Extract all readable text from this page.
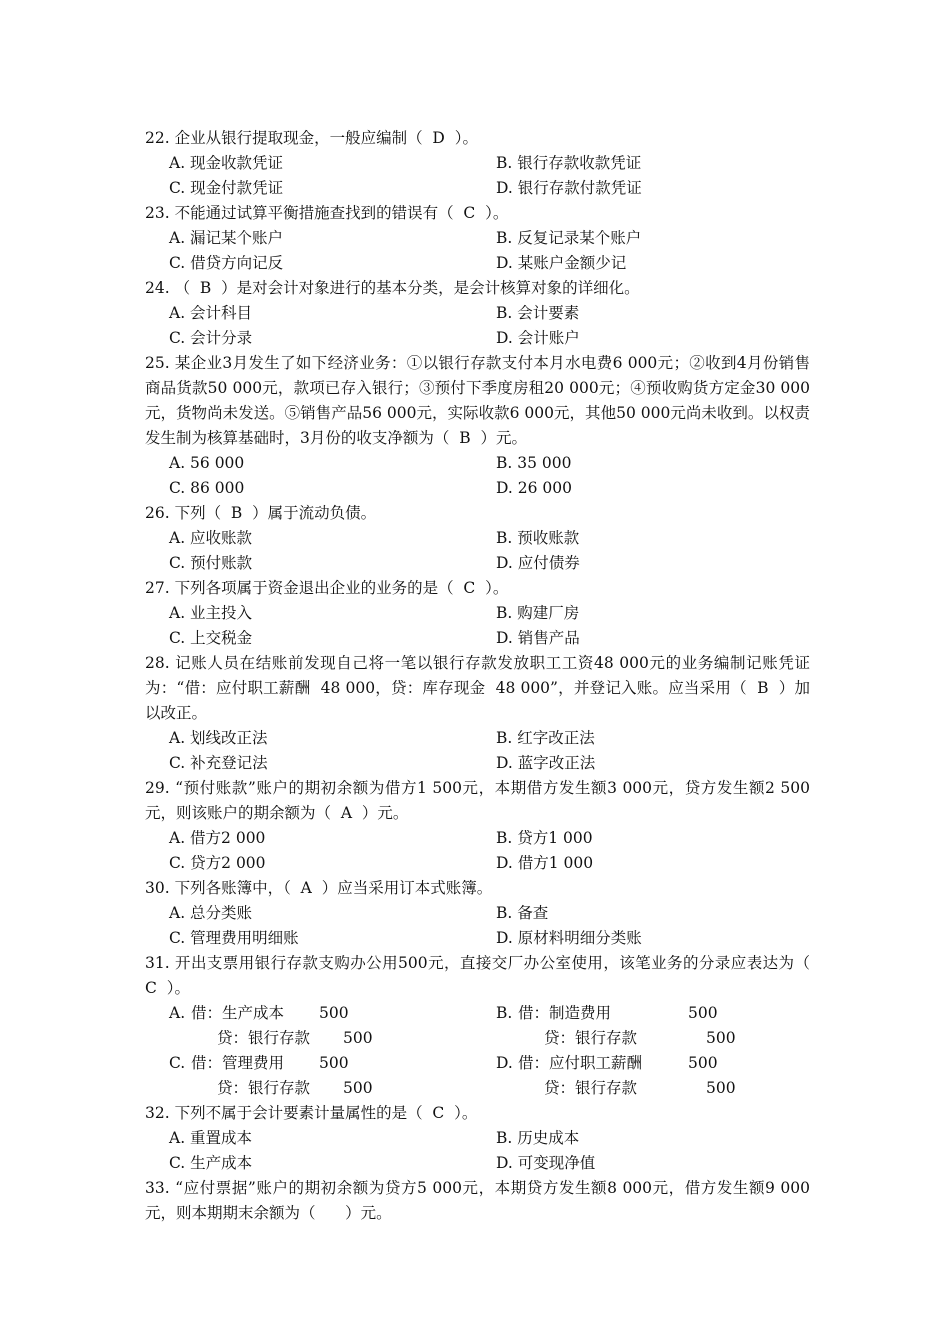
22. 企业从银行提取现金，一般应编制（  D  ）。

A. 现金收款凭证	B. 银行存款收款凭证
C. 现金付款凭证	D. 银行存款付款凭证

23. 不能通过试算平衡措施查找到的错误有（  C  ）。

A. 漏记某个账户	B. 反复记录某个账户
C. 借贷方向记反	D. 某账户金额少记

24. （  B  ）是对会计对象进行的基本分类，是会计核算对象的详细化。

A. 会计科目	B. 会计要素
C. 会计分录	D. 会计账户

25. 某企业3月发生了如下经济业务：①以银行存款支付本月水电费6 000元；②收到4月份销售商品货款50 000元，款项已存入银行；③预付下季度房租20 000元；④预收购货方定金30 000元，货物尚未发送。⑤销售产品56 000元，实际收款6 000元，其他50 000元尚未收到。以权责发生制为核算基础时，3月份的收支净额为（  B  ）元。

A. 56 000	B. 35 000
C. 86 000	D. 26 000

26. 下列（  B  ）属于流动负债。

A. 应收账款	B. 预收账款
C. 预付账款	D. 应付债券

27. 下列各项属于资金退出企业的业务的是（  C  ）。

A. 业主投入	B. 购建厂房
C. 上交税金	D. 销售产品

28. 记账人员在结账前发现自己将一笔以银行存款发放职工工资48 000元的业务编制记账凭证为：“借：应付职工薪酬  48 000，贷：库存现金  48 000”，并登记入账。应当采用（  B  ）加以改正。

A. 划线改正法	B. 红字改正法
C. 补充登记法	D. 蓝字改正法

29. “预付账款”账户的期初余额为借方1 500元，本期借方发生额3 000元，贷方发生额2 500元，则该账户的期余额为（  A  ）元。

A. 借方2 000	B. 贷方1 000
C. 贷方2 000	D. 借方1 000

30. 下列各账簿中，（  A  ）应当采用订本式账簿。

A. 总分类账	B. 备查
C. 管理费用明细账	D. 原材料明细分类账

31. 开出支票用银行存款支购办公用500元，直接交厂办公室使用，该笔业务的分录应表达为（  C  ）。

A. 借：生产成本	500
贷：银行存款	500
B. 借：制造费用	500
贷：银行存款	500
C. 借：管理费用	500
贷：银行存款	500
D. 借：应付职工薪酬	500
贷：银行存款	500

32. 下列不属于会计要素计量属性的是（  C  ）。

A. 重置成本	B. 历史成本
C. 生产成本	D. 可变现净值

33. “应付票据”账户的期初余额为贷方5 000元，本期贷方发生额8 000元，借方发生额9 000元，则本期期末余额为（      ）元。
